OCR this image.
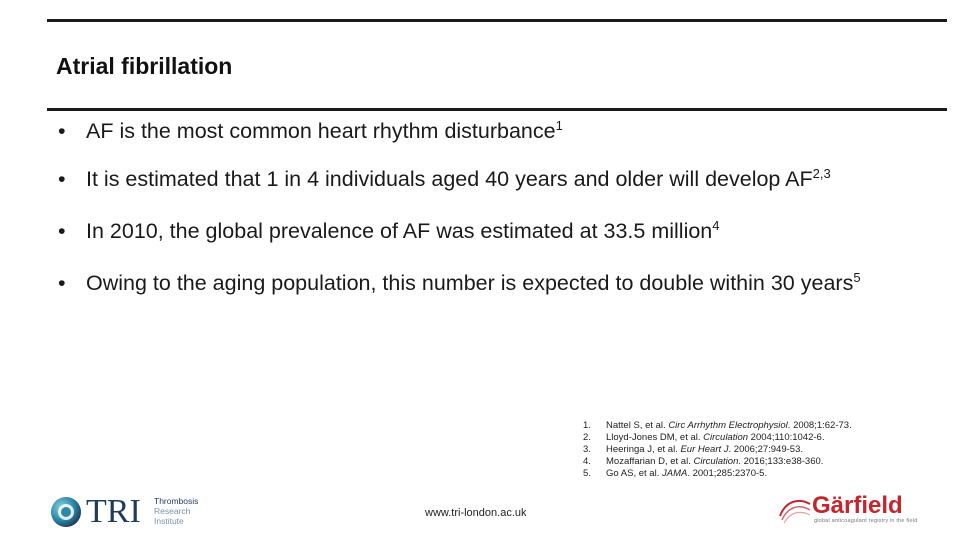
Atrial fibrillation
• AF is the most common heart rhythm disturbance$^1$
• It is estimated that 1 in 4 individuals aged 40 years and older will develop AF$^{2,3}$
• In 2010, the global prevalence of AF was estimated at 33.5 million$^4$
• Owing to the aging population, this number is expected to double within 30 years$^5$
1. Nattel S, et al. Circ Arrhythm Electrophysiol. 2008;1:62-73.
2. Lloyd-Jones DM, et al. Circulation 2004;110:1042-6.
3. Heeringa J, et al. Eur Heart J. 2006;27:949-53.
4. Mozaffarian D, et al. Circulation. 2016;133:e38-360.
5. Go AS, et al. JAMA. 2001;285:2370-5.
TRI Thrombosis
Research
Institute
www.tri-london.ac.uk	Gärfield
global anticoagulant registry in the field
